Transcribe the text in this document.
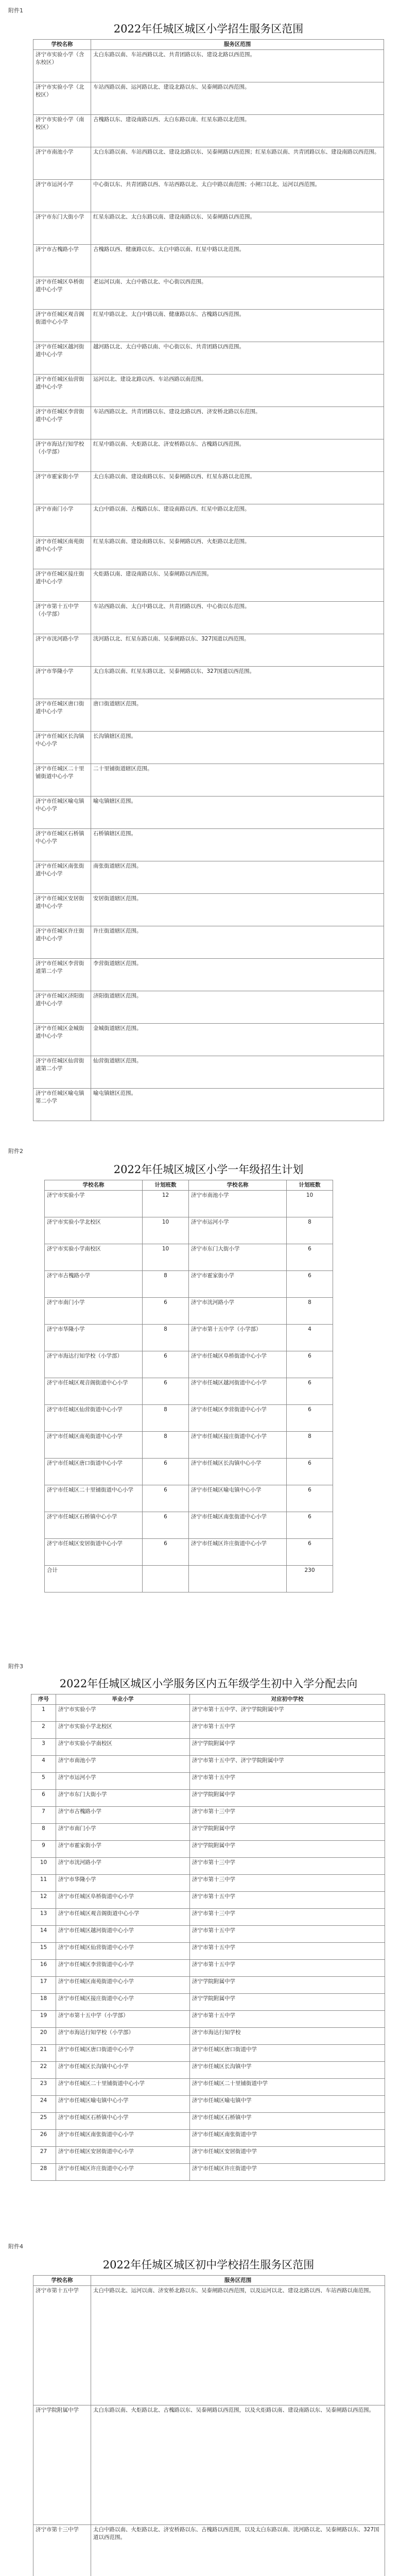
附件1
2022年任城区城区小学招生服务区范围
学校名称	服务区范围
济宁市实验小学（含东校区）	太白东路以南、车站西路以北、共青团路以东、建设北路以西范围。
济宁市实验小学（北校区）	车站西路以南、运河路以北、建设北路以东、吴泰闸路以西范围。
济宁市实验小学（南校区）	古槐路以东、建设南路以西、太白东路以南、红星东路以北范围。
济宁市南池小学	太白东路以南、车站西路以北、建设北路以东、吴泰闸路以西范围；红星东路以南、共青团路以东、建设南路以西范围。
济宁市运河小学	中心街以东、共青团路以西、车站西路以北、太白中路以南范围；小闸口以北、运河以西范围。
济宁市东门大街小学	红星东路以北、太白东路以南、建设南路以东、吴泰闸路以西范围。
济宁市古槐路小学	古槐路以西、健康路以东、太白中路以南、红星中路以北范围。
济宁市任城区阜桥街道中心小学	老运河以南、太白中路以北、中心街以西范围。
济宁市任城区观音阁街道中心小学	红星中路以北、太白中路以南、健康路以东、古槐路以西范围。
济宁市任城区越河街道中心小学	越河路以北、太白中路以南、中心街以东、共青团路以西范围。
济宁市任城区仙营街道中心小学	运河以北、建设北路以西、车站西路以南范围。
济宁市任城区李营街道中心小学	车站西路以北、共青团路以东、建设北路以西、济安桥北路以东范围。
济宁市海达行知学校（小学部）	红星中路以南、火炬路以北、济安桥路以东、古槐路以西范围。
济宁市霍家街小学	太白东路以南、建设南路以东、吴泰闸路以西、红星东路以北范围。
济宁市南门小学	太白中路以南、古槐路以东、建设南路以西、红星中路以北范围。
济宁市任城区南苑街道中心小学	红星东路以南、建设南路以东、吴泰闸路以西、火炬路以北范围。
济宁市任城区接庄街道中心小学	火炬路以南、建设南路以东、吴泰闸路以西范围。
济宁市第十五中学（小学部）	车站西路以南、太白中路以北、共青团路以西、中心街以东范围。
济宁市洸河路小学	洸河路以北、红星东路以南、吴泰闸路以东、327国道以西范围。
济宁市华隆小学	太白东路以南、红星东路以北、吴泰闸路以东、327国道以西范围。
济宁市任城区唐口街道中心小学	唐口街道辖区范围。
济宁市任城区长沟镇中心小学	长沟镇辖区范围。
济宁市任城区二十里铺街道中心小学	二十里铺街道辖区范围。
济宁市任城区喻屯镇中心小学	喻屯镇辖区范围。
济宁市任城区石桥镇中心小学	石桥镇辖区范围。
济宁市任城区南张街道中心小学	南张街道辖区范围。
济宁市任城区安居街道中心小学	安居街道辖区范围。
济宁市任城区许庄街道中心小学	许庄街道辖区范围。
济宁市任城区李营街道第二小学	李营街道辖区范围。
济宁市任城区济阳街道中心小学	济阳街道辖区范围。
济宁市任城区金城街道中心小学	金城街道辖区范围。
济宁市任城区仙营街道第二小学	仙营街道辖区范围。
济宁市任城区喻屯镇第二小学	喻屯镇辖区范围。
附件2
2022年任城区城区小学一年级招生计划
学校名称	计划班数	学校名称	计划班数
济宁市实验小学	12	济宁市南池小学	10
济宁市实验小学北校区	10	济宁市运河小学	8
济宁市实验小学南校区	10	济宁市东门大街小学	6
济宁市古槐路小学	8	济宁市霍家街小学	6
济宁市南门小学	6	济宁市洸河路小学	8
济宁市华隆小学	8	济宁市第十五中学（小学部）	4
济宁市海达行知学校（小学部）	6	济宁市任城区阜桥街道中心小学	6
济宁市任城区观音阁街道中心小学	6	济宁市任城区越河街道中心小学	6
济宁市任城区仙营街道中心小学	8	济宁市任城区李营街道中心小学	6
济宁市任城区南苑街道中心小学	8	济宁市任城区接庄街道中心小学	8
济宁市任城区唐口街道中心小学	6	济宁市任城区长沟镇中心小学	6
济宁市任城区二十里铺街道中心小学	6	济宁市任城区喻屯镇中心小学	6
济宁市任城区石桥镇中心小学	6	济宁市任城区南张街道中心小学	6
济宁市任城区安居街道中心小学	6	济宁市任城区许庄街道中心小学	6
合计			230
附件3
2022年任城区城区小学服务区内五年级学生初中入学分配去向
序号	毕业小学	对应初中学校
1	济宁市实验小学	济宁市第十五中学、济宁学院附属中学
2	济宁市实验小学北校区	济宁市第十五中学
3	济宁市实验小学南校区	济宁学院附属中学
4	济宁市南池小学	济宁市第十五中学、济宁学院附属中学
5	济宁市运河小学	济宁市第十五中学
6	济宁市东门大街小学	济宁学院附属中学
7	济宁市古槐路小学	济宁市第十三中学
8	济宁市南门小学	济宁学院附属中学
9	济宁市霍家街小学	济宁学院附属中学
10	济宁市洸河路小学	济宁市第十三中学
11	济宁市华隆小学	济宁市第十三中学
12	济宁市任城区阜桥街道中心小学	济宁市第十五中学
13	济宁市任城区观音阁街道中心小学	济宁市第十三中学
14	济宁市任城区越河街道中心小学	济宁市第十五中学
15	济宁市任城区仙营街道中心小学	济宁市第十五中学
16	济宁市任城区李营街道中心小学	济宁市第十五中学
17	济宁市任城区南苑街道中心小学	济宁学院附属中学
18	济宁市任城区接庄街道中心小学	济宁学院附属中学
19	济宁市第十五中学（小学部）	济宁市第十五中学
20	济宁市海达行知学校（小学部）	济宁市海达行知学校
21	济宁市任城区唐口街道中心小学	济宁市任城区唐口街道中学
22	济宁市任城区长沟镇中心小学	济宁市任城区长沟镇中学
23	济宁市任城区二十里铺街道中心小学	济宁市任城区二十里铺街道中学
24	济宁市任城区喻屯镇中心小学	济宁市任城区喻屯镇中学
25	济宁市任城区石桥镇中心小学	济宁市任城区石桥镇中学
26	济宁市任城区南张街道中心小学	济宁市任城区南张街道中学
27	济宁市任城区安居街道中心小学	济宁市任城区安居街道中学
28	济宁市任城区许庄街道中心小学	济宁市任城区许庄街道中学
附件4
2022年任城区城区初中学校招生服务区范围
学校名称	服务区范围
济宁市第十五中学	太白中路以北、运河以南、济安桥北路以东、吴泰闸路以西范围，以及运河以北、建设北路以西、车站西路以南范围。
济宁学院附属中学	太白东路以南、火炬路以北、古槐路以东、吴泰闸路以西范围，以及火炬路以南、建设南路以东、吴泰闸路以西范围。
济宁市第十三中学	太白中路以南、火炬路以北、济安桥路以东、古槐路以西范围，以及太白东路以南、洸河路以北、吴泰闸路以东、327国道以西范围。
